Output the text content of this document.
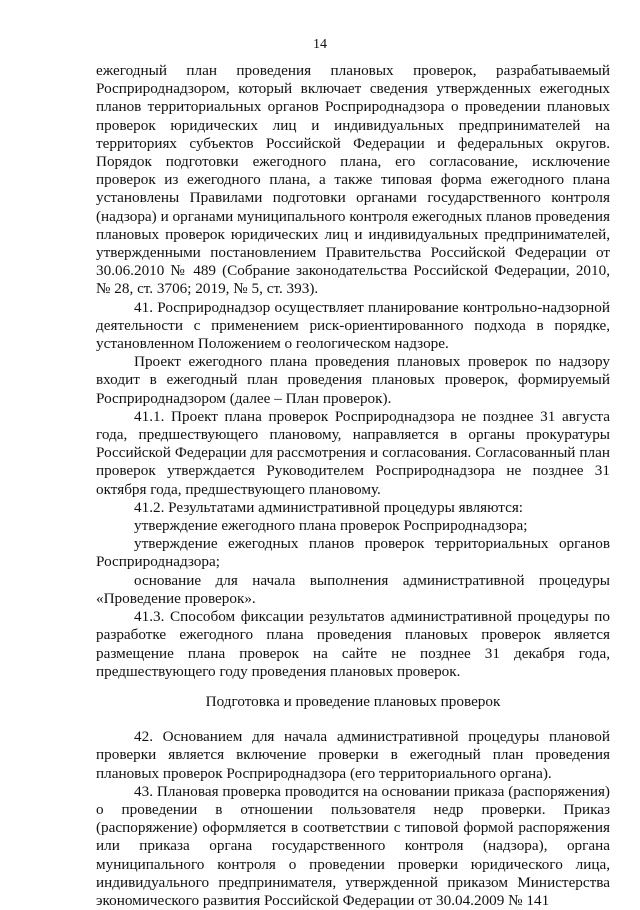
14

ежегодный план проведения плановых проверок, разрабатываемый Росприроднадзором, который включает сведения утвержденных ежегодных планов территориальных органов Росприроднадзора о проведении плановых проверок юридических лиц и индивидуальных предпринимателей на территориях субъектов Российской Федерации и федеральных округов. Порядок подготовки ежегодного плана, его согласование, исключение проверок из ежегодного плана, а также типовая форма ежегодного плана установлены Правилами подготовки органами государственного контроля (надзора) и органами муниципального контроля ежегодных планов проведения плановых проверок юридических лиц и индивидуальных предпринимателей, утвержденными постановлением Правительства Российской Федерации от 30.06.2010 № 489 (Собрание законодательства Российской Федерации, 2010, № 28, ст. 3706; 2019, № 5, ст. 393).

41. Росприроднадзор осуществляет планирование контрольно-надзорной деятельности с применением риск-ориентированного подхода в порядке, установленном Положением о геологическом надзоре.

Проект ежегодного плана проведения плановых проверок по надзору входит в ежегодный план проведения плановых проверок, формируемый Росприроднадзором (далее – План проверок).

41.1. Проект плана проверок Росприроднадзора не позднее 31 августа года, предшествующего плановому, направляется в органы прокуратуры Российской Федерации для рассмотрения и согласования. Согласованный план проверок утверждается Руководителем Росприроднадзора не позднее 31 октября года, предшествующего плановому.

41.2. Результатами административной процедуры являются:

утверждение ежегодного плана проверок Росприроднадзора;

утверждение ежегодных планов проверок территориальных органов Росприроднадзора;

основание для начала выполнения административной процедуры «Проведение проверок».

41.3. Способом фиксации результатов административной процедуры по разработке ежегодного плана проведения плановых проверок является размещение плана проверок на сайте не позднее 31 декабря года, предшествующего году проведения плановых проверок.

Подготовка и проведение плановых проверок

42. Основанием для начала административной процедуры плановой проверки является включение проверки в ежегодный план проведения плановых проверок Росприроднадзора (его территориального органа).

43. Плановая проверка проводится на основании приказа (распоряжения) о проведении в отношении пользователя недр проверки. Приказ (распоряжение) оформляется в соответствии с типовой формой распоряжения или приказа органа государственного контроля (надзора), органа муниципального контроля о проведении проверки юридического лица, индивидуального предпринимателя, утвержденной приказом Министерства экономического развития Российской Федерации от 30.04.2009 № 141
